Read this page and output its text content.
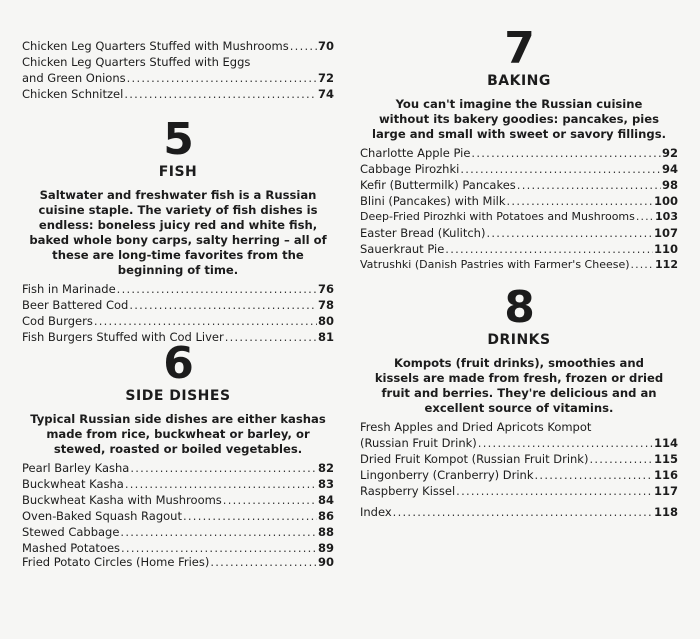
Chicken Leg Quarters Stuffed with Mushrooms . . .	70
Chicken Leg Quarters Stuffed with Eggs
and Green Onions . . .	72
Chicken Schnitzel . . .	74
5
FISH
Saltwater and freshwater fish is a Russian cuisine staple. The variety of fish dishes is endless: boneless juicy red and white fish, baked whole bony carps, salty herring – all of these are long-time favorites from the beginning of time.
Fish in Marinade . . .	76
Beer Battered Cod . . .	78
Cod Burgers . . .	80
Fish Burgers Stuffed with Cod Liver . . .	81
6
SIDE DISHES
Typical Russian side dishes are either kashas made from rice, buckwheat or barley, or stewed, roasted or boiled vegetables.
Pearl Barley Kasha . . .	82
Buckwheat Kasha . . .	83
Buckwheat Kasha with Mushrooms . . .	84
Oven-Baked Squash Ragout . . .	86
Stewed Cabbage . . .	88
Mashed Potatoes . . .	89
Fried Potato Circles (Home Fries) . . .	90
7
BAKING
You can't imagine the Russian cuisine without its bakery goodies: pancakes, pies large and small with sweet or savory fillings.
Charlotte Apple Pie . . .	92
Cabbage Pirozhki . . .	94
Kefir (Buttermilk) Pancakes . . .	98
Blini (Pancakes) with Milk . . .	100
Deep-Fried Pirozhki with Potatoes and Mushrooms . . . 103
Easter Bread (Kulitch) . . .	107
Sauerkraut Pie . . .	110
Vatrushki (Danish Pastries with Farmer's Cheese) . . . 112
8
DRINKS
Kompots (fruit drinks), smoothies and kissels are made from fresh, frozen or dried fruit and berries. They're delicious and an excellent source of vitamins.
Fresh Apples and Dried Apricots Kompot
(Russian Fruit Drink) . . .	114
Dried Fruit Kompot (Russian Fruit Drink) . . .	115
Lingonberry (Cranberry) Drink . . .	116
Raspberry Kissel . . .	117
Index . . .	118
